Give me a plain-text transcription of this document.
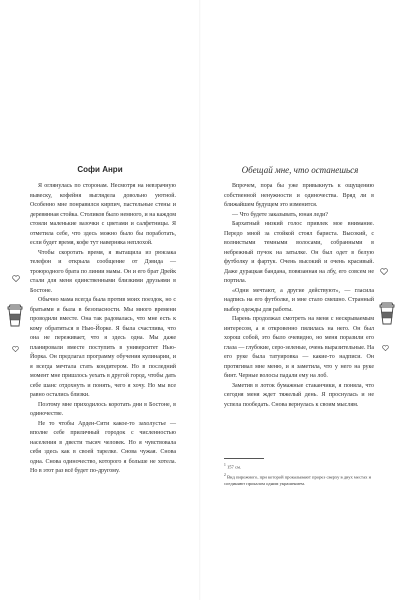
Софи Анри

Я оглянулась по сторонам. Несмотря на невзрачную вывеску, кофейня выглядела довольно уютной. Особенно мне понравился кирпич, пастельные стены и деревянная стойка. Столиков было немного, и на каждом стояли маленькие вазочки с цветами и салфетницы. Я отметила себе, что здесь можно было бы поработать, если будет время, кофе тут наверняка неплохой.

Чтобы скоротать время, я вытащила из рюкзака телефон и открыла сообщение от Дэвида — троюродного брата по линии мамы. Он и его брат Дрейк стали для меня единственными близкими друзьями в Бостоне.

Обычно мама всегда была против моих поездок, но с братьями я была в безопасности. Мы много времени проводили вместе. Она так радовалась, что мне есть к кому обратиться в Нью-Йорке. Я была счастлива, что она не переживает, что я здесь одна. Мы даже планировали вместе поступить в университет Нью-Йорка. Он предлагал программу обучения кулинарии, и я всегда мечтала стать кондитером. Но в последний момент мне пришлось уехать в другой город, чтобы дать себе шанс отдохнуть и понять, чего я хочу. Но мы все равно остались близки.

Поэтому мне приходилось коротать дни в Бостоне, в одиночестве.

Не то чтобы Арден-Сити какое-то захолустье — вполне себе приличный городок с численностью населения в двести тысяч человек. Но я чувствовала себя здесь как в своей тарелке. Снова чужая. Снова одна. Снова одиночество, которого я больше не хотела. Но в этот раз всё будет по-другому.

Обещай мне, что останешься

Впрочем, пора бы уже привыкнуть к ощущению собственной ненужности и одиночества. Вряд ли в ближайшем будущем это изменится.

— Что будете заказывать, юная леди?

Бархатный низкий голос привлек мое внимание. Передо мной за стойкой стоял бариста. Высокий, с волнистыми темными волосами, собранными в небрежный пучок на затылке. Он был одет в белую футболку и фартук. Очень высокий и очень красивый. Даже дурацкая бандана, повязанная на лбу, его совсем не портила.

«Одни мечтают, а другие действуют», — гласила надпись на его футболке, и мне стало смешно. Странный выбор одежды для работы.

Парень продолжал смотреть на меня с нескрываемым интересом, а я откровенно пялилась на него. Он был хорош собой, это было очевидно, но меня поразили его глаза — глубокие, серо-зеленые, очень выразительные. На его руке была татуировка — какие-то надписи. Он протягивал мне меню, и я заметила, что у него на руке бинт. Черные волосы падали ему на лоб.

Заметив в лоток бумажные стаканчики, я поняла, что сегодня меня ждет тяжелый день. Я проснулась и не успела пообедать. Снова вернулась к своим мыслям.

$^1$ 157 см.

$^2$ Вид пирожного, при которой прокалывают прорез сверху в двух местах и соединяют прокалом одним украшением.
